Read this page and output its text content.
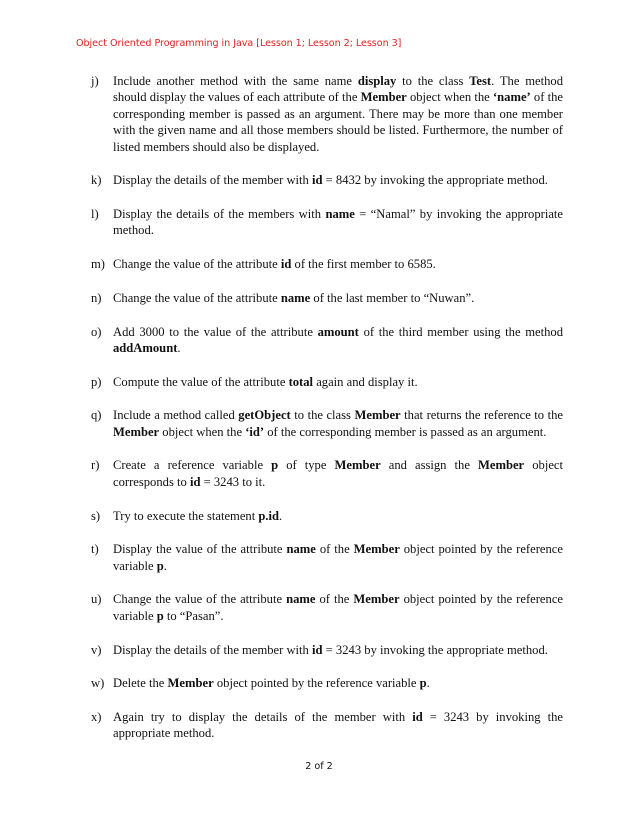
Object Oriented Programming in Java [Lesson 1; Lesson 2; Lesson 3]
j)	Include another method with the same name display to the class Test. The method should display the values of each attribute of the Member object when the ‘name’ of the corresponding member is passed as an argument. There may be more than one member with the given name and all those members should be listed. Furthermore, the number of listed members should also be displayed.
k) Display the details of the member with id = 8432 by invoking the appropriate method.
l)	Display the details of the members with name = “Namal” by invoking the appropriate method.
m) Change the value of the attribute id of the first member to 6585.
n) Change the value of the attribute name of the last member to “Nuwan”.
o) Add 3000 to the value of the attribute amount of the third member using the method addAmount.
p) Compute the value of the attribute total again and display it.
q) Include a method called getObject to the class Member that returns the reference to the Member object when the ‘id’ of the corresponding member is passed as an argument.
r)	Create a reference variable p of type Member and assign the Member object corresponds to id = 3243 to it.
s)	Try to execute the statement p.id.
t)	Display the value of the attribute name of the Member object pointed by the reference variable p.
u) Change the value of the attribute name of the Member object pointed by the reference variable p to “Pasan”.
v) Display the details of the member with id = 3243 by invoking the appropriate method.
w) Delete the Member object pointed by the reference variable p.
x) Again try to display the details of the member with id = 3243 by invoking the appropriate method.
2 of 2
